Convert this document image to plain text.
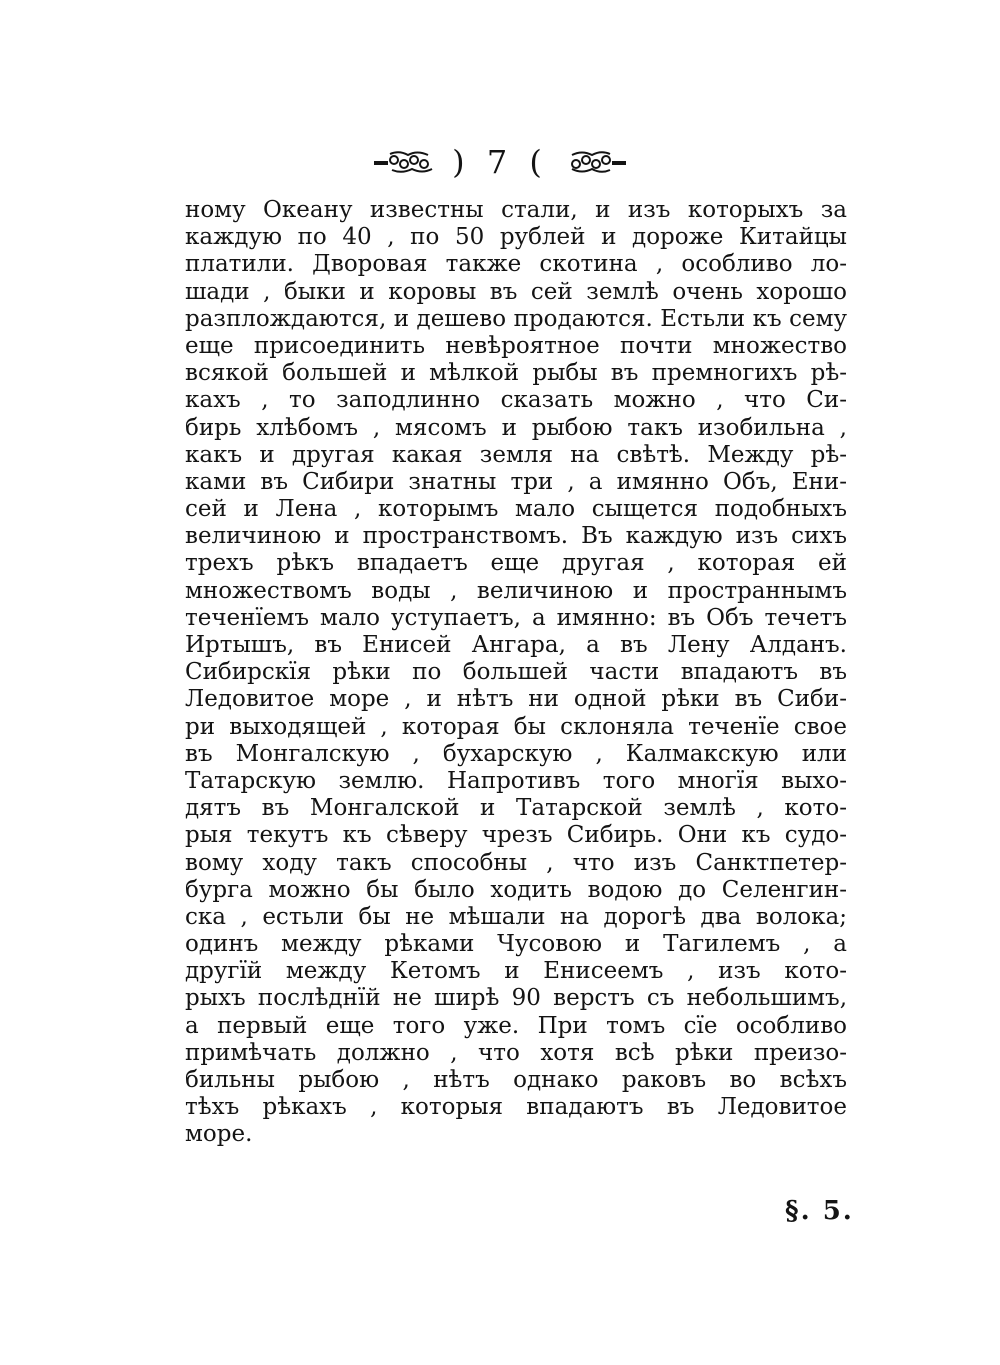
) 7 (
ному Океану известны стали, и изъ которыхъ за
каждую по 40 , по 50 рублей и дороже Китайцы
платили. Дворовая также скотина , особливо ло-
шади , быки и коровы въ сей землѣ очень хорошо
разплождаются, и дешево продаются. Естьли къ сему
еще присоединить невѣроятное почти множество
всякой большей и мѣлкой рыбы въ премногихъ рѣ-
кахъ , то заподлинно сказать можно , что Си-
бирь хлѣбомъ , мясомъ и рыбою такъ изобильна ,
какъ и другая какая земля на свѣтѣ. Между рѣ-
ками въ Сибири знатны три , а имянно Объ, Ени-
сей и Лена , которымъ мало сыщется подобныхъ
величиною и пространствомъ. Въ каждую изъ сихъ
трехъ рѣкъ впадаетъ еще другая , которая ей
множествомъ воды , величиною и пространнымъ
теченїемъ мало уступаетъ, а имянно: въ Объ течетъ
Иртышъ, въ Енисей Ангара, а въ Лену Алданъ.
Сибирскїя рѣки по большей части впадаютъ въ
Ледовитое море , и нѣтъ ни одной рѣки въ Сиби-
ри выходящей , которая бы склоняла теченїе свое
въ Монгалскую , бухарскую , Калмакскую или
Татарскую землю. Напротивъ того многїя выхо-
дятъ въ Монгалской и Татарской землѣ , кото-
рыя текутъ къ сѣверу чрезъ Сибирь. Они къ судо-
вому ходу такъ способны , что изъ Санктпетер-
бурга можно бы было ходить водою до Селенгин-
ска , естьли бы не мѣшали на дорогѣ два волока;
одинъ между рѣками Чусовою и Тагилемъ , а
другїй между Кетомъ и Енисеемъ , изъ кото-
рыхъ послѣднїй не ширѣ 90 верстъ съ небольшимъ,
а первый еще того уже. При томъ сїе особливо
примѣчать должно , что хотя всѣ рѣки преизо-
бильны рыбою , нѣтъ однако раковъ во всѣхъ
тѣхъ рѣкахъ , которыя впадаютъ въ Ледовитое
море.
§. 5.
